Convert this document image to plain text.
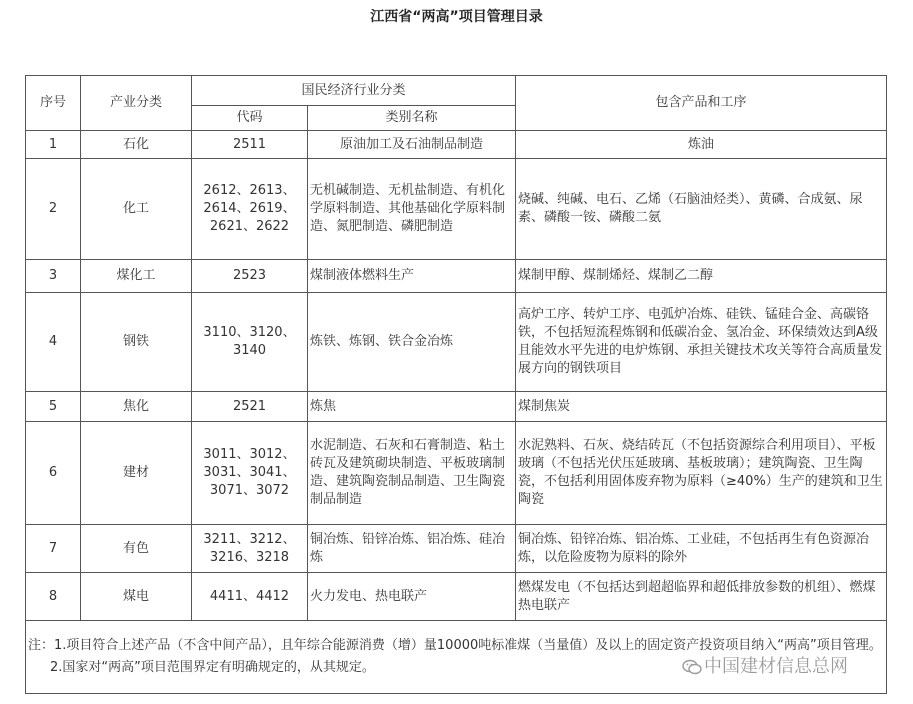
江西省“两高”项目管理目录
序号	产业分类	国民经济行业分类		包含产品和工序
		代码	类别名称	
1	石化	2511	原油加工及石油制品制造	炼油
2	化工	2612、2613、2614、2619、2621、2622	无机碱制造、无机盐制造、有机化学原料制造、其他基础化学原料制造、氮肥制造、磷肥制造	烧碱、纯碱、电石、乙烯（石脑油烃类）、黄磷、合成氨、尿素、磷酸一铵、磷酸二氨
3	煤化工	2523	煤制液体燃料生产	煤制甲醇、煤制烯烃、煤制乙二醇
4	钢铁	3110、3120、3140	炼铁、炼钢、铁合金冶炼	高炉工序、转炉工序、电弧炉冶炼、硅铁、锰硅合金、高碳铬铁，不包括短流程炼钢和低碳冶金、氢冶金、环保绩效达到A级且能效水平先进的电炉炼钢、承担关键技术攻关等符合高质量发展方向的钢铁项目
5	焦化	2521	炼焦	煤制焦炭
6	建材	3011、3012、3031、3041、3071、3072	水泥制造、石灰和石膏制造、粘土砖瓦及建筑砌块制造、平板玻璃制造、建筑陶瓷制品制造、卫生陶瓷制品制造	水泥熟料、石灰、烧结砖瓦（不包括资源综合利用项目）、平板玻璃（不包括光伏压延玻璃、基板玻璃）；建筑陶瓷、卫生陶瓷，不包括利用固体废弃物为原料（≥40%）生产的建筑和卫生陶瓷
7	有色	3211、3212、3216、3218	铜冶炼、铅锌冶炼、铝冶炼、硅冶炼	铜冶炼、铅锌冶炼、铝冶炼、工业硅，不包括再生有色资源冶炼，以危险废物为原料的除外
8	煤电	4411、4412	火力发电、热电联产	燃煤发电（不包括达到超超临界和超低排放参数的机组）、燃煤热电联产
注：1.项目符合上述产品（不含中间产品），且年综合能源消费（增）量10000吨标准煤（当量值）及以上的固定资产投资项目纳入“两高”项目管理。
2.国家对“两高”项目范围界定有明确规定的，从其规定。					中国建材信息总网
